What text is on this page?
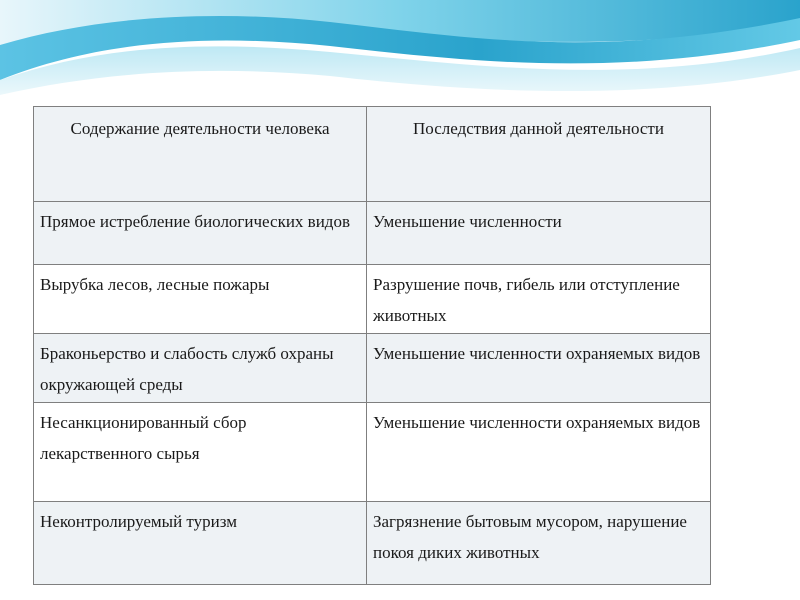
Содержание деятельности человека	Последствия данной деятельности
Прямое истребление биологических видов	Уменьшение численности
Вырубка лесов, лесные пожары	Разрушение почв, гибель или отступление животных
Браконьерство и слабость служб охраны окружающей среды	Уменьшение численности охраняемых видов
Несанкционированный сбор лекарственного сырья	Уменьшение численности охраняемых видов
Неконтролируемый туризм	Загрязнение бытовым мусором, нарушение покоя диких животных
